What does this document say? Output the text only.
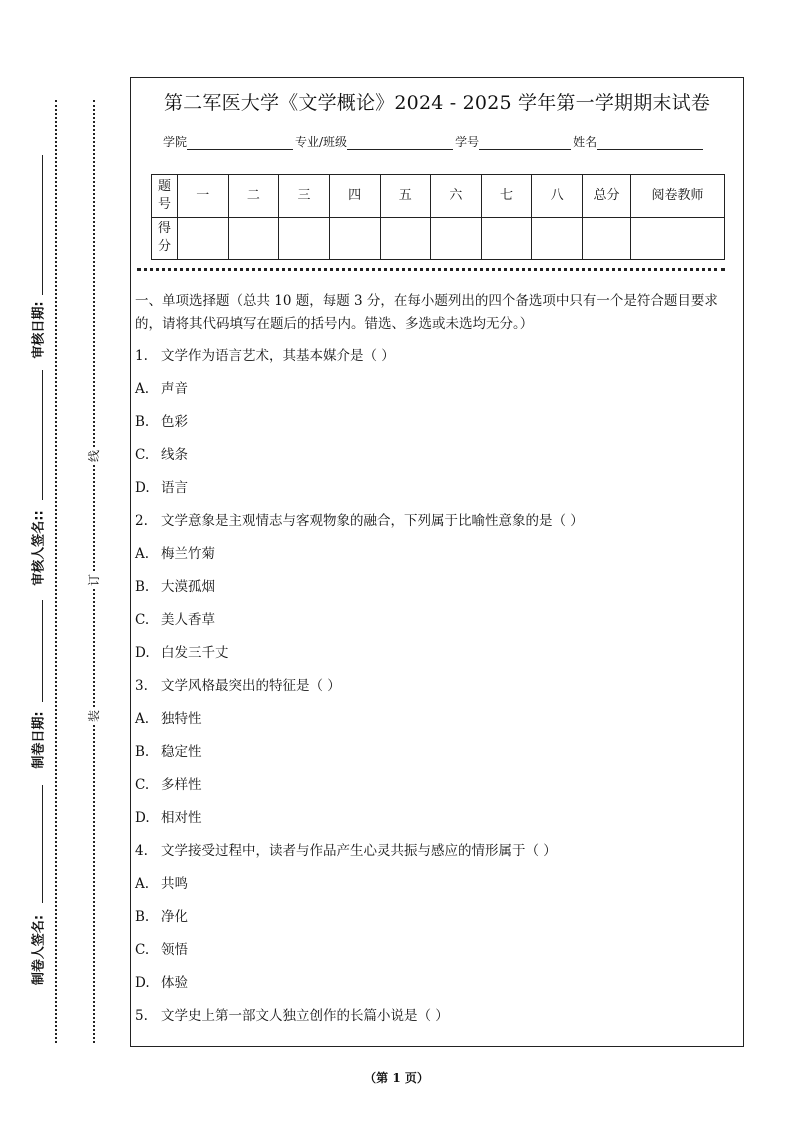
审核日期:
审核人签名::
制卷日期:
制卷人签名:
线
订
装
第二军医大学《文学概论》2024 - 2025 学年第一学期期末试卷
学院	专业/班级	学号	姓名
题号	一	二	三	四	五	六	七	八	总分	阅卷教师
得分										
一、单项选择题（总共 10 题，每题 3 分，在每小题列出的四个备选项中只有一个是符合题目要求的，请将其代码填写在题后的括号内。错选、多选或未选均无分。）
1. 文学作为语言艺术，其基本媒介是（ ）
A. 声音
B. 色彩
C. 线条
D. 语言
2. 文学意象是主观情志与客观物象的融合，下列属于比喻性意象的是（ ）
A. 梅兰竹菊
B. 大漠孤烟
C. 美人香草
D. 白发三千丈
3. 文学风格最突出的特征是（ ）
A. 独特性
B. 稳定性
C. 多样性
D. 相对性
4. 文学接受过程中，读者与作品产生心灵共振与感应的情形属于（ ）
A. 共鸣
B. 净化
C. 领悟
D. 体验
5. 文学史上第一部文人独立创作的长篇小说是（ ）
（第 1 页）
